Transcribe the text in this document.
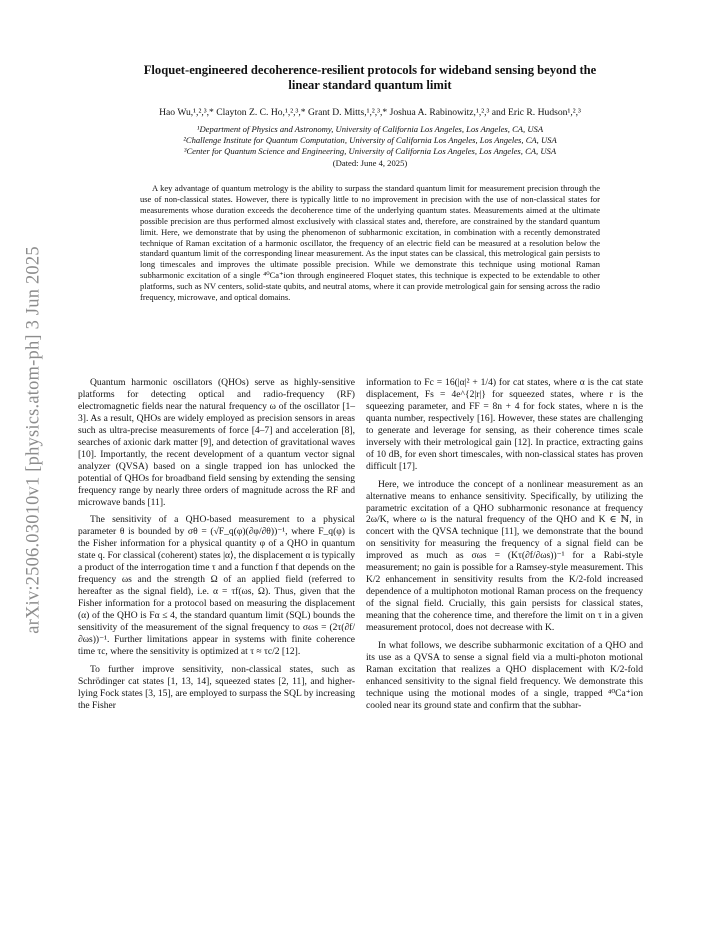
arXiv:2506.03010v1 [physics.atom-ph] 3 Jun 2025
Floquet-engineered decoherence-resilient protocols for wideband sensing beyond the
linear standard quantum limit
Hao Wu,¹,²,³,* Clayton Z. C. Ho,¹,²,³,* Grant D. Mitts,¹,²,³,* Joshua A. Rabinowitz,¹,²,³ and Eric R. Hudson¹,²,³
¹Department of Physics and Astronomy, University of California Los Angeles, Los Angeles, CA, USA
²Challenge Institute for Quantum Computation, University of California Los Angeles, Los Angeles, CA, USA
³Center for Quantum Science and Engineering, University of California Los Angeles, Los Angeles, CA, USA
(Dated: June 4, 2025)
A key advantage of quantum metrology is the ability to surpass the standard quantum limit for measurement precision through the use of non-classical states. However, there is typically little to no improvement in precision with the use of non-classical states for measurements whose duration exceeds the decoherence time of the underlying quantum states. Measurements aimed at the ultimate possible precision are thus performed almost exclusively with classical states and, therefore, are constrained by the standard quantum limit. Here, we demonstrate that by using the phenomenon of subharmonic excitation, in combination with a recently demonstrated technique of Raman excitation of a harmonic oscillator, the frequency of an electric field can be measured at a resolution below the standard quantum limit of the corresponding linear measurement. As the input states can be classical, this metrological gain persists to long timescales and improves the ultimate possible precision. While we demonstrate this technique using motional Raman subharmonic excitation of a single ⁴⁰Ca⁺ion through engineered Floquet states, this technique is expected to be extendable to other platforms, such as NV centers, solid-state qubits, and neutral atoms, where it can provide metrological gain for sensing across the radio frequency, microwave, and optical domains.

Quantum harmonic oscillators (QHOs) serve as highly-sensitive platforms for detecting optical and radio-frequency (RF) electromagnetic fields near the natural frequency ω of the oscillator [1–3]. As a result, QHOs are widely employed as precision sensors in areas such as ultra-precise measurements of force [4–7] and acceleration [8], searches of axionic dark matter [9], and detection of gravitational waves [10]. Importantly, the recent development of a quantum vector signal analyzer (QVSA) based on a single trapped ion has unlocked the potential of QHOs for broadband field sensing by extending the sensing frequency range by nearly three orders of magnitude across the RF and microwave bands [11].

The sensitivity of a QHO-based measurement to a physical parameter θ is bounded by σθ = (√F_q(φ)(∂φ/∂θ))⁻¹, where F_q(φ) is the Fisher information for a physical quantity φ of a QHO in quantum state q. For classical (coherent) states |α⟩, the displacement α is typically a product of the interrogation time τ and a function f that depends on the frequency ωs and the strength Ω of an applied field (referred to hereafter as the signal field), i.e. α = τf(ωs, Ω). Thus, given that the Fisher information for a protocol based on measuring the displacement (α) of the QHO is Fα ≤ 4, the standard quantum limit (SQL) bounds the sensitivity of the measurement of the signal frequency to σωs = (2τ(∂f/∂ωs))⁻¹. Further limitations appear in systems with finite coherence time τc, where the sensitivity is optimized at τ ≈ τc/2 [12].

To further improve sensitivity, non-classical states, such as Schrödinger cat states [1, 13, 14], squeezed states [2, 11], and higher-lying Fock states [3, 15], are employed to surpass the SQL by increasing the Fisher

information to Fc = 16(|α|² + 1/4) for cat states, where α is the cat state displacement, Fs = 4e^{2|r|} for squeezed states, where r is the squeezing parameter, and FF = 8n + 4 for fock states, where n is the quanta number, respectively [16]. However, these states are challenging to generate and leverage for sensing, as their coherence times scale inversely with their metrological gain [12]. In practice, extracting gains of 10 dB, for even short timescales, with non-classical states has proven difficult [17].

Here, we introduce the concept of a nonlinear measurement as an alternative means to enhance sensitivity. Specifically, by utilizing the parametric excitation of a QHO subharmonic resonance at frequency 2ω/K, where ω is the natural frequency of the QHO and K ∈ ℕ, in concert with the QVSA technique [11], we demonstrate that the bound on sensitivity for measuring the frequency of a signal field can be improved as much as σωs = (Kτ(∂f/∂ωs))⁻¹ for a Rabi-style measurement; no gain is possible for a Ramsey-style measurement. This K/2 enhancement in sensitivity results from the K/2-fold increased dependence of a multiphoton motional Raman process on the frequency of the signal field. Crucially, this gain persists for classical states, meaning that the coherence time, and therefore the limit on τ in a given measurement protocol, does not decrease with K.

In what follows, we describe subharmonic excitation of a QHO and its use as a QVSA to sense a signal field via a multi-photon motional Raman excitation that realizes a QHO displacement with K/2-fold enhanced sensitivity to the signal field frequency. We demonstrate this technique using the motional modes of a single, trapped ⁴⁰Ca⁺ion cooled near its ground state and confirm that the subhar-
